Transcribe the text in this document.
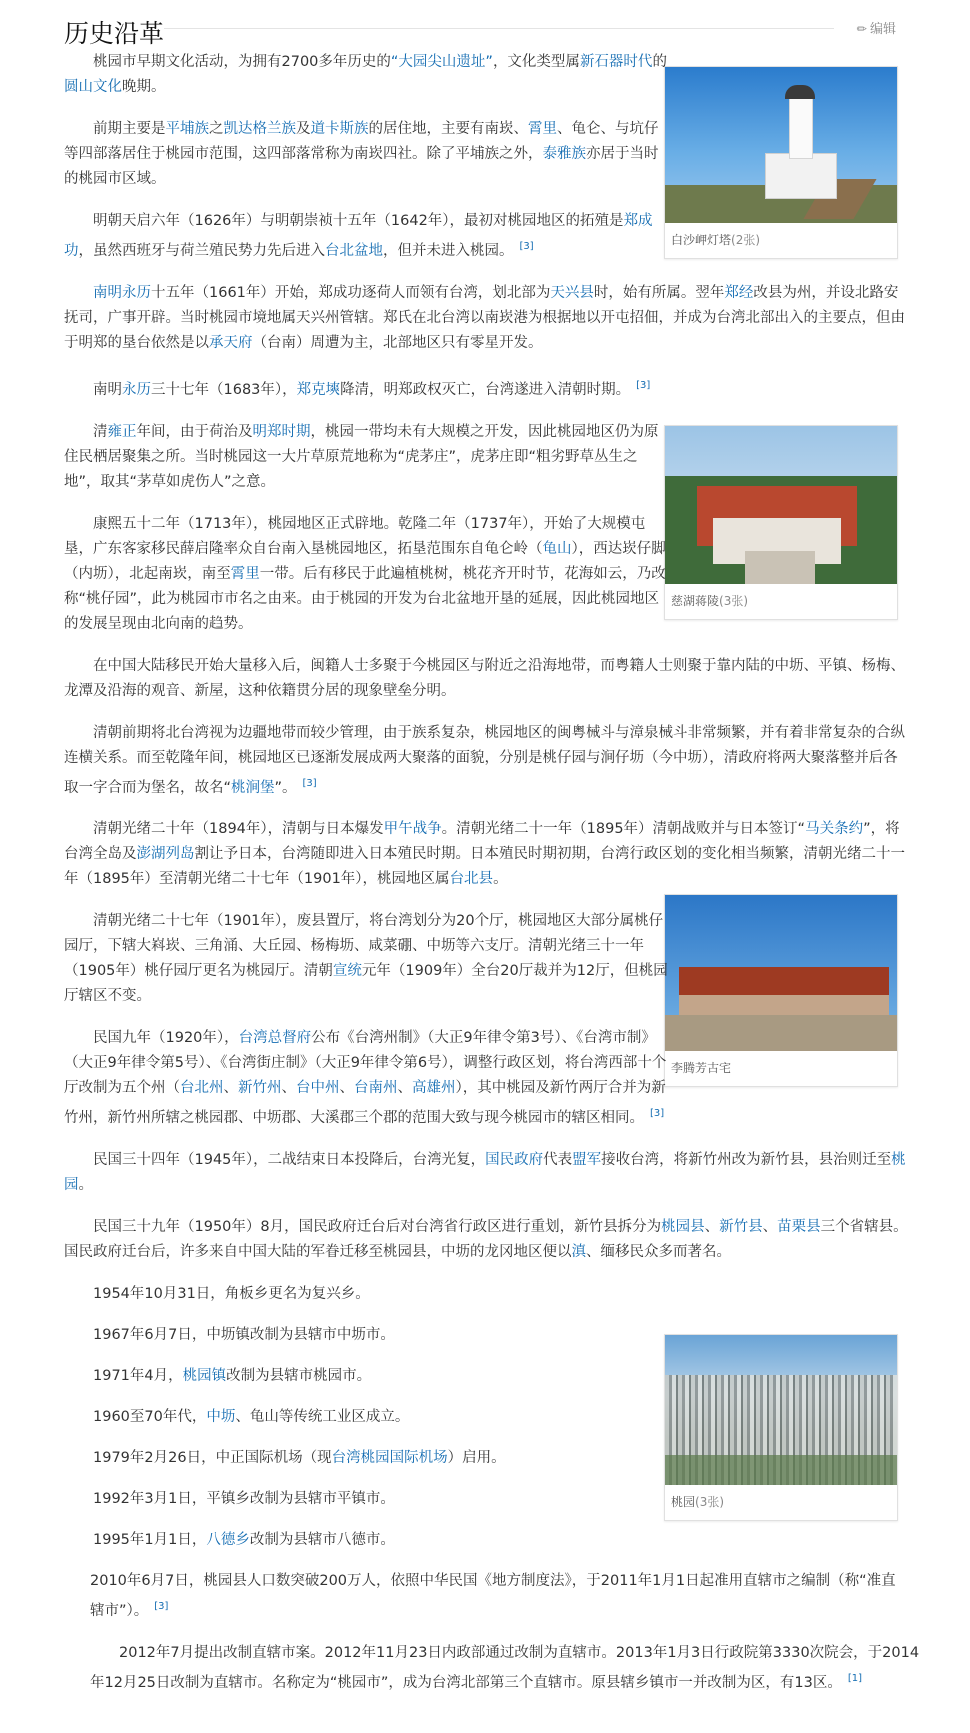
历史沿革	✎编辑
白沙岬灯塔(2张)
慈湖蒋陵(3张)
李腾芳古宅
桃园(3张)

桃园市早期文化活动，为拥有2700多年历史的“大园尖山遗址”，文化类型属新石器时代的圆山文化晚期。

前期主要是平埔族之凯达格兰族及道卡斯族的居住地，主要有南崁、霄里、龟仑、与坑仔等四部落居住于桃园市范围，这四部落常称为南崁四社。除了平埔族之外，泰雅族亦居于当时的桃园市区域。

明朝天启六年（1626年）与明朝崇祯十五年（1642年），最初对桃园地区的拓殖是郑成功，虽然西班牙与荷兰殖民势力先后进入台北盆地，但并未进入桃园。 [3]

南明永历十五年（1661年）开始，郑成功逐荷人而领有台湾，划北部为天兴县时，始有所属。翌年郑经改县为州，并设北路安抚司，广事开辟。当时桃园市境地属天兴州管辖。郑氏在北台湾以南崁港为根据地以开屯招佃，并成为台湾北部出入的主要点，但由于明郑的垦台依然是以承天府（台南）周遭为主，北部地区只有零星开发。

南明永历三十七年（1683年），郑克塽降清，明郑政权灭亡，台湾遂进入清朝时期。 [3]

清雍正年间，由于荷治及明郑时期，桃园一带均未有大规模之开发，因此桃园地区仍为原住民栖居聚集之所。当时桃园这一大片草原荒地称为“虎茅庄”，虎茅庄即“粗劣野草丛生之地”，取其“茅草如虎伤人”之意。

康熙五十二年（1713年），桃园地区正式辟地。乾隆二年（1737年），开始了大规模屯垦，广东客家移民薛启隆率众自台南入垦桃园地区，拓垦范围东自龟仑岭（龟山），西达崁仔脚（内坜），北起南崁，南至霄里一带。后有移民于此遍植桃树，桃花齐开时节，花海如云，乃改称“桃仔园”，此为桃园市市名之由来。由于桃园的开发为台北盆地开垦的延展，因此桃园地区的发展呈现由北向南的趋势。

在中国大陆移民开始大量移入后，闽籍人士多聚于今桃园区与附近之沿海地带，而粤籍人士则聚于靠内陆的中坜、平镇、杨梅、龙潭及沿海的观音、新屋，这种依籍贯分居的现象壁垒分明。

清朝前期将北台湾视为边疆地带而较少管理，由于族系复杂，桃园地区的闽粤械斗与漳泉械斗非常频繁，并有着非常复杂的合纵连横关系。而至乾隆年间，桃园地区已逐渐发展成两大聚落的面貌，分别是桃仔园与涧仔坜（今中坜），清政府将两大聚落整并后各取一字合而为堡名，故名“桃涧堡”。 [3]

清朝光绪二十年（1894年），清朝与日本爆发甲午战争。清朝光绪二十一年（1895年）清朝战败并与日本签订“马关条约”，将台湾全岛及澎湖列岛割让予日本，台湾随即进入日本殖民时期。日本殖民时期初期，台湾行政区划的变化相当频繁，清朝光绪二十一年（1895年）至清朝光绪二十七年（1901年），桃园地区属台北县。

清朝光绪二十七年（1901年），废县置厅，将台湾划分为20个厅，桃园地区大部分属桃仔园厅，下辖大嵙崁、三角涌、大丘园、杨梅坜、咸菜硼、中坜等六支厅。清朝光绪三十一年（1905年）桃仔园厅更名为桃园厅。清朝宣统元年（1909年）全台20厅裁并为12厅，但桃园厅辖区不变。

民国九年（1920年），台湾总督府公布《台湾州制》（大正9年律令第3号）、《台湾市制》（大正9年律令第5号）、《台湾街庄制》（大正9年律令第6号），调整行政区划，将台湾西部十个厅改制为五个州（台北州、新竹州、台中州、台南州、高雄州），其中桃园及新竹两厅合并为新竹州，新竹州所辖之桃园郡、中坜郡、大溪郡三个郡的范围大致与现今桃园市的辖区相同。 [3]

民国三十四年（1945年），二战结束日本投降后，台湾光复，国民政府代表盟军接收台湾，将新竹州改为新竹县，县治则迁至桃园。

民国三十九年（1950年）8月，国民政府迁台后对台湾省行政区进行重划，新竹县拆分为桃园县、新竹县、苗栗县三个省辖县。国民政府迁台后，许多来自中国大陆的军眷迁移至桃园县，中坜的龙冈地区便以滇、缅移民众多而著名。

1954年10月31日，角板乡更名为复兴乡。

1967年6月7日，中坜镇改制为县辖市中坜市。

1971年4月，桃园镇改制为县辖市桃园市。

1960至70年代，中坜、龟山等传统工业区成立。

1979年2月26日，中正国际机场（现台湾桃园国际机场）启用。

1992年3月1日，平镇乡改制为县辖市平镇市。

1995年1月1日，八德乡改制为县辖市八德市。

2010年6月7日，桃园县人口数突破200万人，依照中华民国《地方制度法》，于2011年1月1日起准用直辖市之编制（称“准直辖市”）。 [3]

2012年7月提出改制直辖市案。2012年11月23日内政部通过改制为直辖市。2013年1月3日行政院第3330次院会，于2014年12月25日改制为直辖市。名称定为“桃园市”，成为台湾北部第三个直辖市。原县辖乡镇市一并改制为区，有13区。 [1]
